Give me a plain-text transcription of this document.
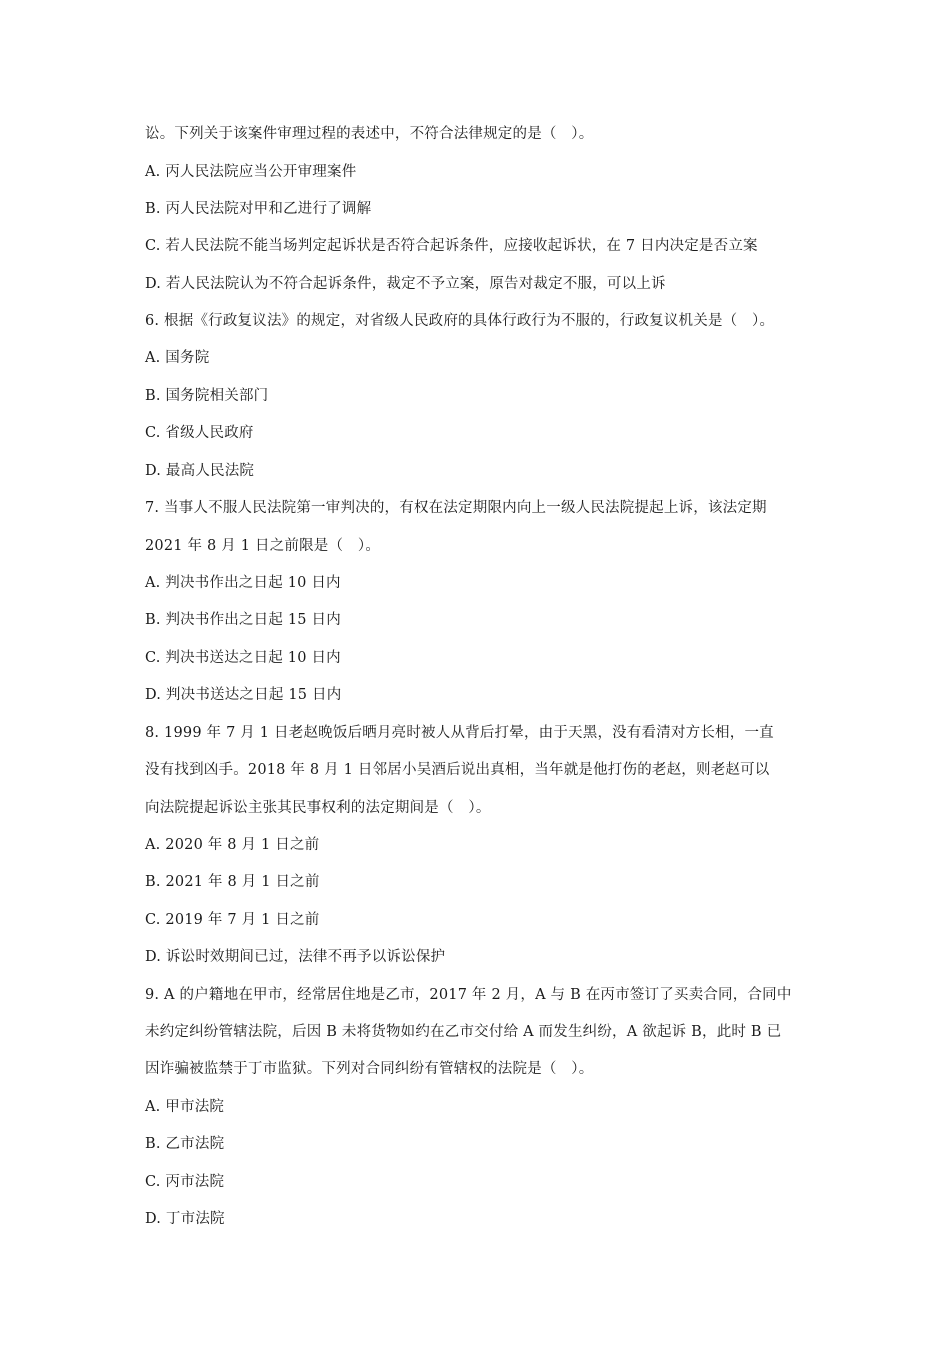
讼。下列关于该案件审理过程的表述中，不符合法律规定的是（　）。
A. 丙人民法院应当公开审理案件
B. 丙人民法院对甲和乙进行了调解
C. 若人民法院不能当场判定起诉状是否符合起诉条件，应接收起诉状，在 7 日内决定是否立案
D. 若人民法院认为不符合起诉条件，裁定不予立案，原告对裁定不服，可以上诉
6. 根据《行政复议法》的规定，对省级人民政府的具体行政行为不服的，行政复议机关是（　）。
A. 国务院
B. 国务院相关部门
C. 省级人民政府
D. 最高人民法院
7. 当事人不服人民法院第一审判决的，有权在法定期限内向上一级人民法院提起上诉，该法定期
2021 年 8 月 1 日之前限是（　）。
A. 判决书作出之日起 10 日内
B. 判决书作出之日起 15 日内
C. 判决书送达之日起 10 日内
D. 判决书送达之日起 15 日内
8. 1999 年 7 月 1 日老赵晚饭后晒月亮时被人从背后打晕，由于天黑，没有看清对方长相，一直
没有找到凶手。2018 年 8 月 1 日邻居小吴酒后说出真相，当年就是他打伤的老赵，则老赵可以
向法院提起诉讼主张其民事权利的法定期间是（　）。
A. 2020 年 8 月 1 日之前
B. 2021 年 8 月 1 日之前
C. 2019 年 7 月 1 日之前
D. 诉讼时效期间已过，法律不再予以诉讼保护
9. A 的户籍地在甲市，经常居住地是乙市，2017 年 2 月，A 与 B 在丙市签订了买卖合同，合同中
未约定纠纷管辖法院，后因 B 未将货物如约在乙市交付给 A 而发生纠纷，A 欲起诉 B，此时 B 已
因诈骗被监禁于丁市监狱。下列对合同纠纷有管辖权的法院是（　）。
A. 甲市法院
B. 乙市法院
C. 丙市法院
D. 丁市法院
